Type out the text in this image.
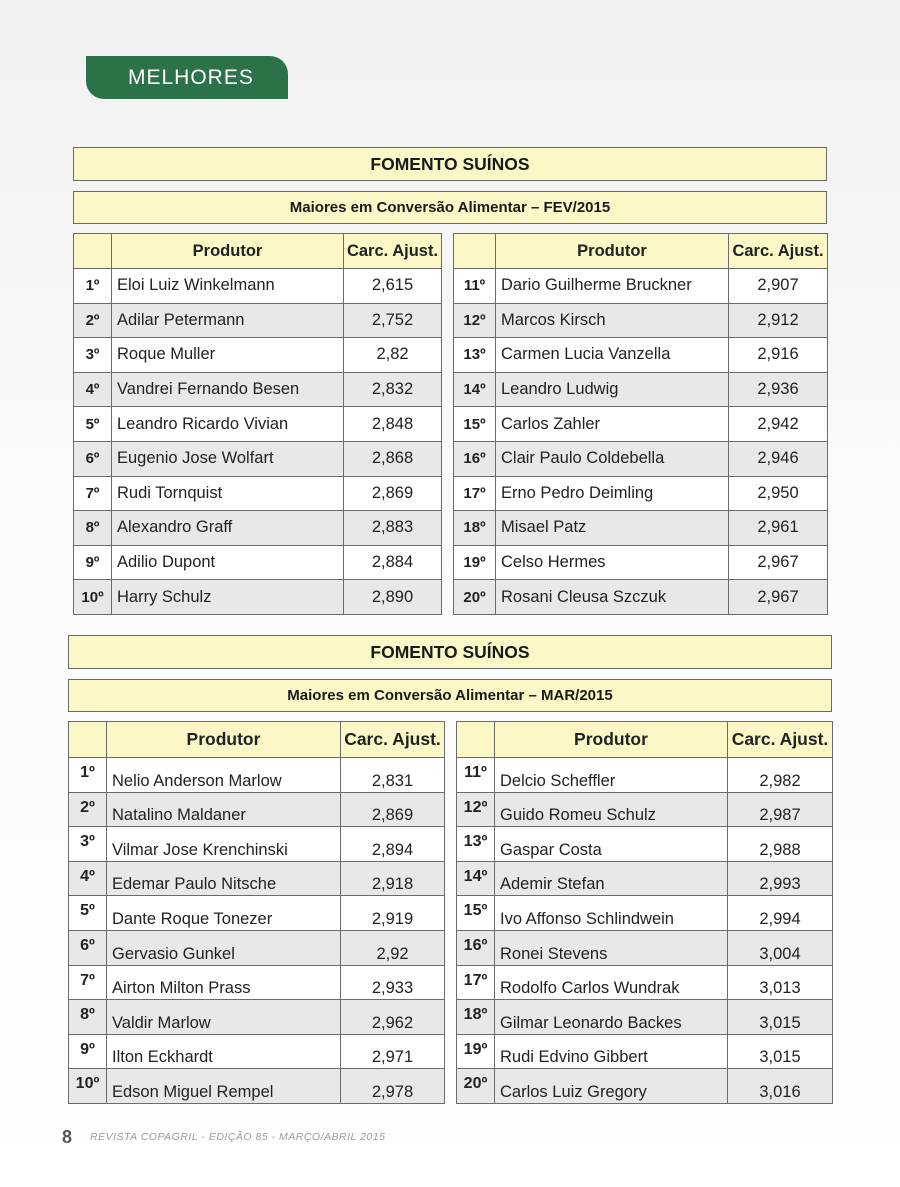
MELHORES
FOMENTO SUÍNOS
Maiores em Conversão Alimentar – FEV/2015
	Produtor	Carc. Ajust.
1º	Eloi Luiz Winkelmann	2,615
2º	Adilar Petermann	2,752
3º	Roque Muller	2,82
4º	Vandrei Fernando Besen	2,832
5º	Leandro Ricardo Vivian	2,848
6º	Eugenio Jose Wolfart	2,868
7º	Rudi Tornquist	2,869
8º	Alexandro Graff	2,883
9º	Adilio Dupont	2,884
10º	Harry Schulz	2,890
	Produtor	Carc. Ajust.
11º	Dario Guilherme Bruckner	2,907
12º	Marcos Kirsch	2,912
13º	Carmen Lucia Vanzella	2,916
14º	Leandro Ludwig	2,936
15º	Carlos Zahler	2,942
16º	Clair Paulo Coldebella	2,946
17º	Erno Pedro Deimling	2,950
18º	Misael Patz	2,961
19º	Celso Hermes	2,967
20º	Rosani Cleusa Szczuk	2,967
FOMENTO SUÍNOS
Maiores em Conversão Alimentar – MAR/2015
	Produtor	Carc. Ajust.
1º	Nelio Anderson Marlow	2,831
2º	Natalino Maldaner	2,869
3º	Vilmar Jose Krenchinski	2,894
4º	Edemar Paulo Nitsche	2,918
5º	Dante Roque Tonezer	2,919
6º	Gervasio Gunkel	2,92
7º	Airton Milton Prass	2,933
8º	Valdir Marlow	2,962
9º	Ilton Eckhardt	2,971
10º	Edson Miguel Rempel	2,978
	Produtor	Carc. Ajust.
11º	Delcio Scheffler	2,982
12º	Guido Romeu Schulz	2,987
13º	Gaspar Costa	2,988
14º	Ademir Stefan	2,993
15º	Ivo Affonso Schlindwein	2,994
16º	Ronei Stevens	3,004
17º	Rodolfo Carlos Wundrak	3,013
18º	Gilmar Leonardo Backes	3,015
19º	Rudi Edvino Gibbert	3,015
20º	Carlos Luiz Gregory	3,016
8 REVISTA COPAGRIL - EDIÇÃO 85 - MARÇO/ABRIL 2015
